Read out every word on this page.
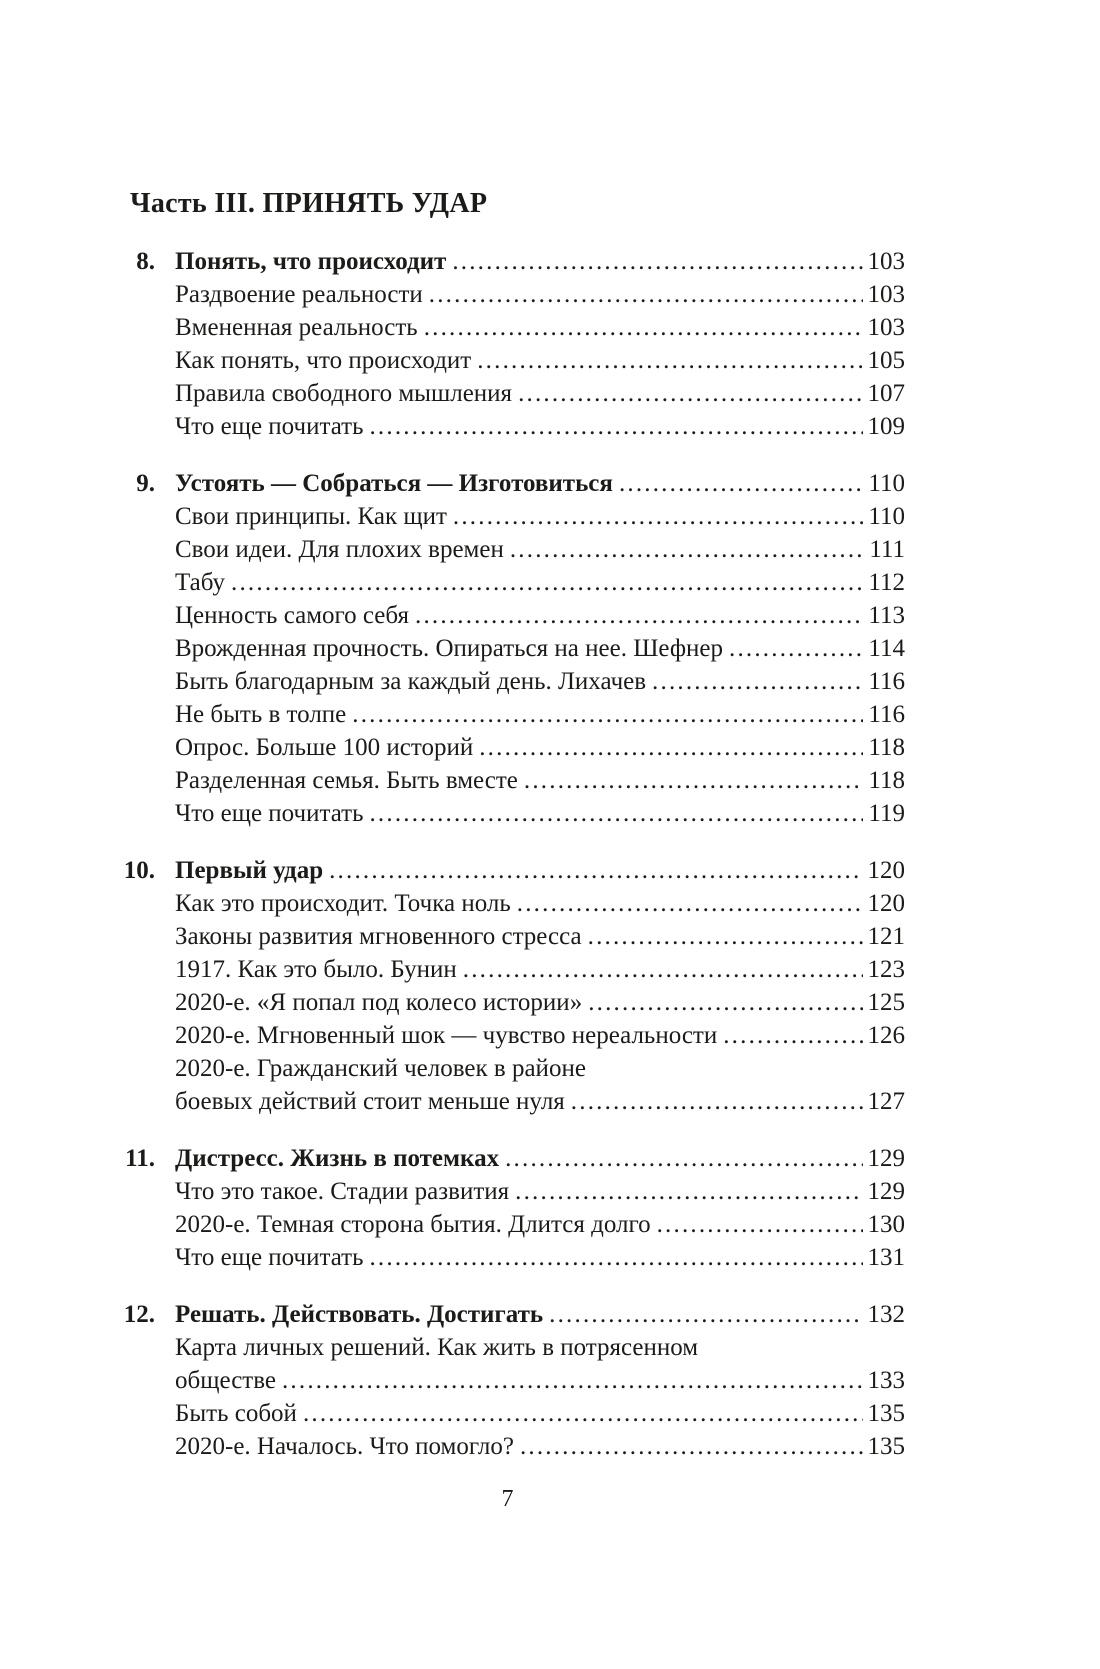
Часть III. ПРИНЯТЬ УДАР
8. Понять, что происходит .....	103
Раздвоение реальности .....	103
Вмененная реальность .....	103
Как понять, что происходит .....	105
Правила свободного мышления .....	107
Что еще почитать .....	109
9. Устоять — Собраться — Изготовиться .....	110
Свои принципы. Как щит .....	110
Свои идеи. Для плохих времен .....	111
Табу .....	112
Ценность самого себя .....	113
Врожденная прочность. Опираться на нее. Шефнер .....	114
Быть благодарным за каждый день. Лихачев .....	116
Не быть в толпе .....	116
Опрос. Больше 100 историй .....	118
Разделенная семья. Быть вместе .....	118
Что еще почитать .....	119
10. Первый удар .....	120
Как это происходит. Точка ноль .....	120
Законы развития мгновенного стресса .....	121
1917. Как это было. Бунин .....	123
2020-е. «Я попал под колесо истории» .....	125
2020-е. Мгновенный шок — чувство нереальности .....	126
2020-е. Гражданский человек в районе
боевых действий стоит меньше нуля .....	127
11. Дистресс. Жизнь в потемках .....	129
Что это такое. Стадии развития .....	129
2020-е. Темная сторона бытия. Длится долго .....	130
Что еще почитать .....	131
12. Решать. Действовать. Достигать .....	132
Карта личных решений. Как жить в потрясенном
обществе .....	133
Быть собой .....	135
2020-е. Началось. Что помогло? .....	135
7
